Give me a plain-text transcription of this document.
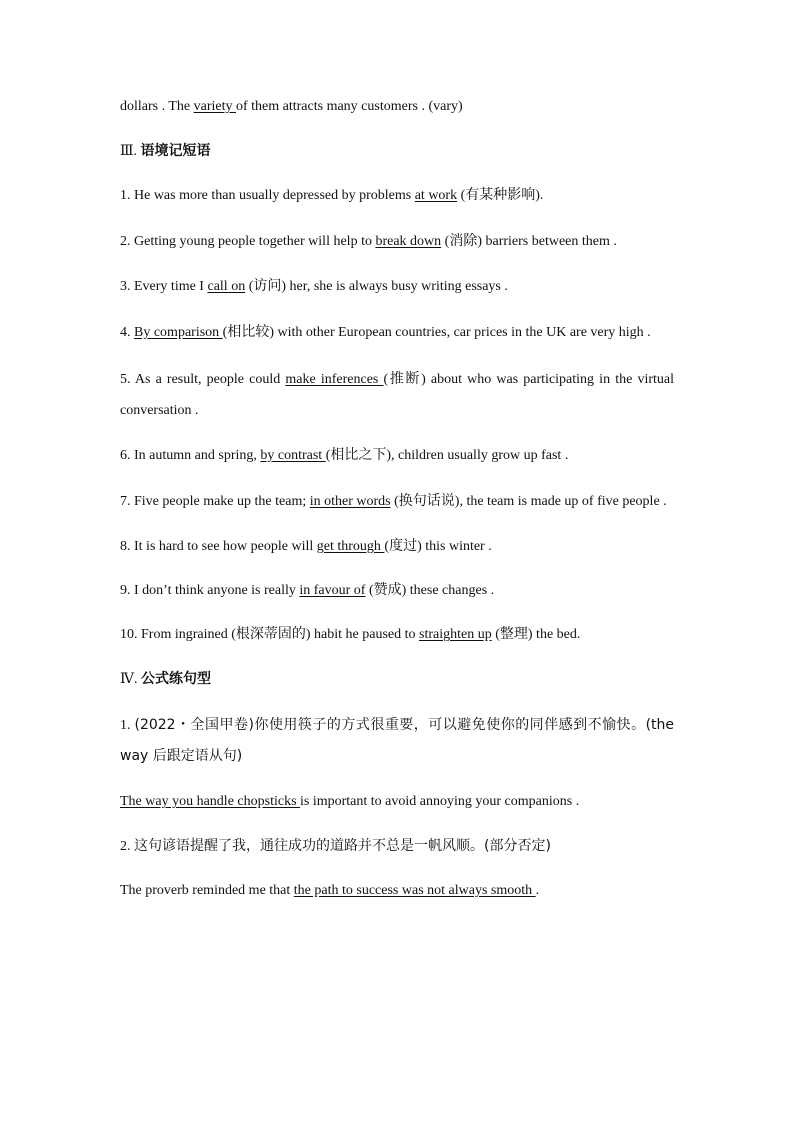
dollars . The variety of them attracts many customers . (vary)

Ⅲ. 语境记短语

1. He was more than usually depressed by problems at work (有某种影响).

2. Getting young people together will help to break down (消除) barriers between them .

3. Every time I call on (访问) her, she is always busy writing essays .

4. By comparison (相比较) with other European countries, car prices in the UK are very high .

5. As a result, people could make inferences (推断) about who was participating in the virtual conversation .

6. In autumn and spring, by contrast (相比之下), children usually grow up fast .

7. Five people make up the team; in other words (换句话说), the team is made up of five people .

8. It is hard to see how people will get through (度过) this winter .

9. I don’t think anyone is really in favour of (赞成) these changes .

10. From ingrained (根深蒂固的) habit he paused to straighten up (整理) the bed.

Ⅳ. 公式练句型

1. (2022・全国甲卷)你使用筷子的方式很重要，可以避免使你的同伴感到不愉快。(the way 后跟定语从句)

The way you handle chopsticks is important to avoid annoying your companions .

2. 这句谚语提醒了我，通往成功的道路并不总是一帆风顺。(部分否定)

The proverb reminded me that the path to success was not always smooth .
